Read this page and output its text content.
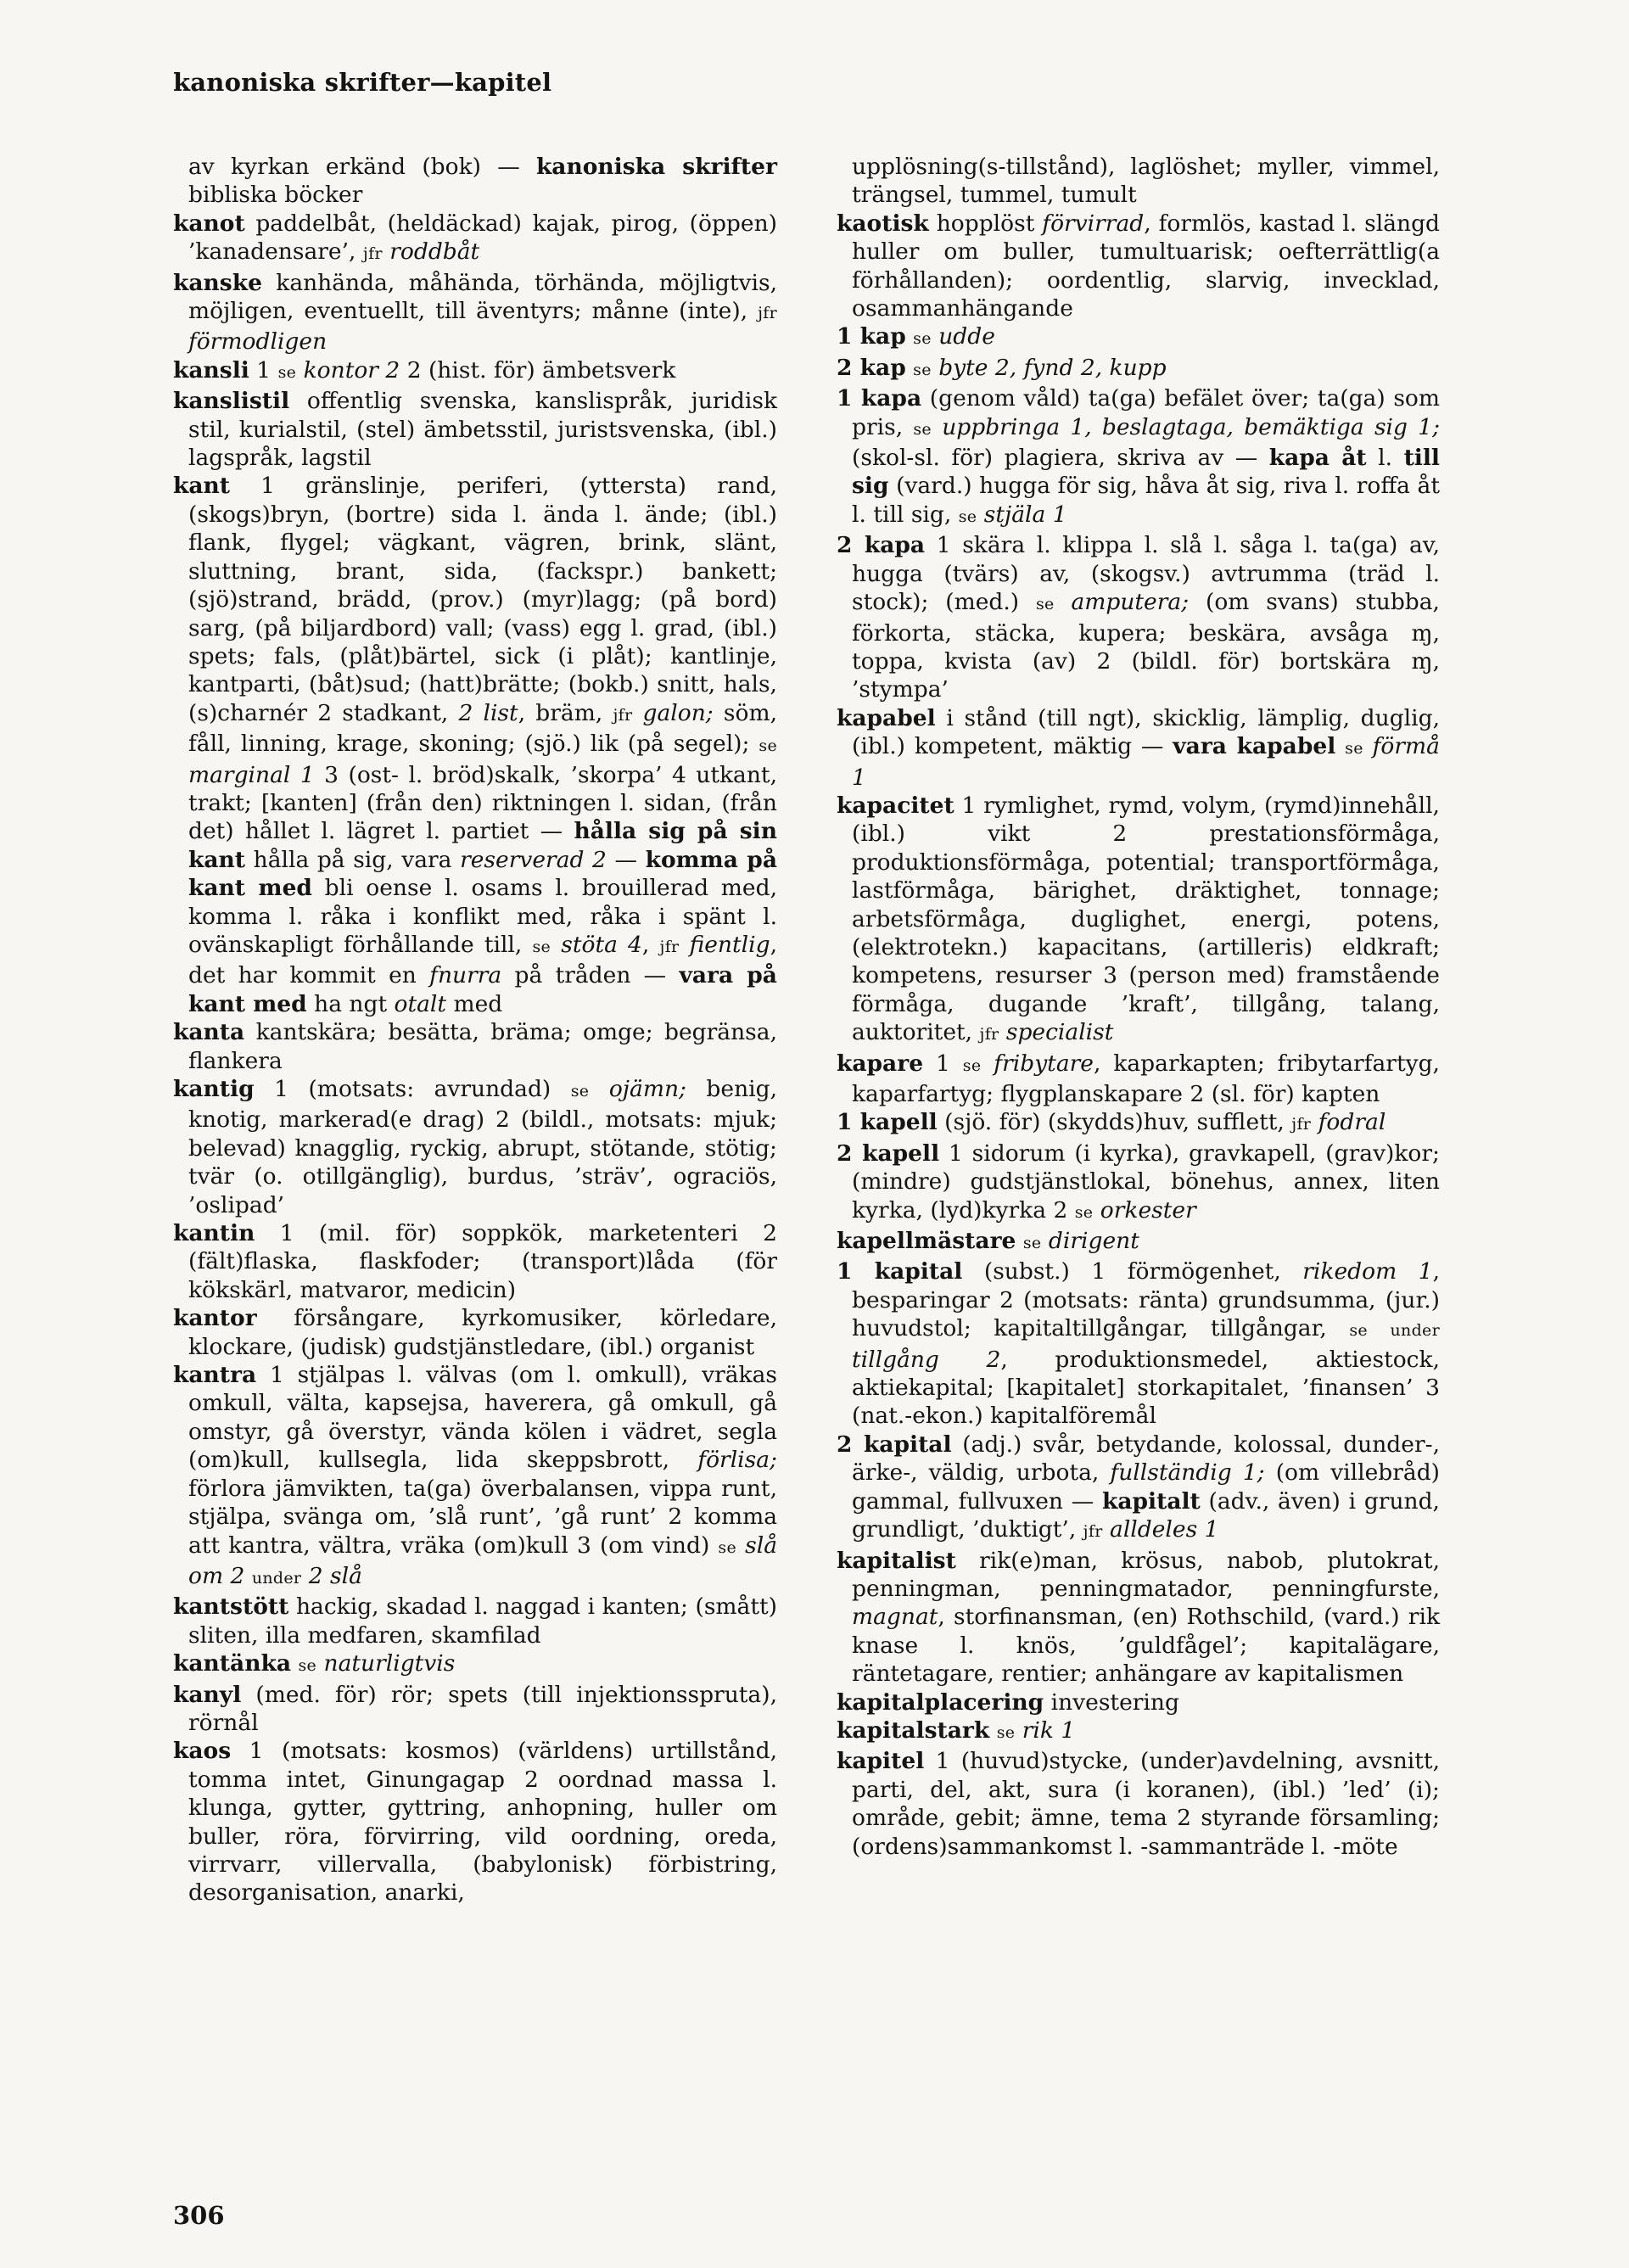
kanoniska skrifter—kapitel

av kyrkan erkänd (bok) — kanoniska skrifter bibliska böcker

kanot paddelbåt, (heldäckad) kajak, pirog, (öppen) ’kanadensare’, jfr roddbåt

kanske kanhända, måhända, törhända, möjligtvis, möjligen, eventuellt, till äventyrs; månne (inte), jfr förmodligen

kansli 1 se kontor 2 2 (hist. för) ämbetsverk

kanslistil offentlig svenska, kanslispråk, juridisk stil, kurialstil, (stel) ämbetsstil, juristsvenska, (ibl.) lagspråk, lagstil

kant 1 gränslinje, periferi, (yttersta) rand, (skogs)bryn, (bortre) sida l. ända l. ände; (ibl.) flank, flygel; vägkant, vägren, brink, slänt, sluttning, brant, sida, (fackspr.) bankett; (sjö)strand, brädd, (prov.) (myr)lagg; (på bord) sarg, (på biljardbord) vall; (vass) egg l. grad, (ibl.) spets; fals, (plåt)bärtel, sick (i plåt); kantlinje, kantparti, (båt)sud; (hatt)brätte; (bokb.) snitt, hals, (s)charnér 2 stadkant, 2 list, bräm, jfr galon; söm, fåll, linning, krage, skoning; (sjö.) lik (på segel); se marginal 1 3 (ost- l. bröd)skalk, ’skorpa’ 4 utkant, trakt; [kanten] (från den) riktningen l. sidan, (från det) hållet l. lägret l. partiet — hålla sig på sin kant hålla på sig, vara reserverad 2 — komma på kant med bli oense l. osams l. brouillerad med, komma l. råka i konflikt med, råka i spänt l. ovänskapligt förhållande till, se stöta 4, jfr fientlig, det har kommit en fnurra på tråden — vara på kant med ha ngt otalt med

kanta kantskära; besätta, bräma; omge; begränsa, flankera

kantig 1 (motsats: avrundad) se ojämn; benig, knotig, markerad(e drag) 2 (bildl., motsats: mjuk; belevad) knagglig, ryckig, abrupt, stötande, stötig; tvär (o. otillgänglig), burdus, ’sträv’, ograciös, ’oslipad’

kantin 1 (mil. för) soppkök, marketenteri 2 (fält)flaska, flaskfoder; (transport)låda (för kökskärl, matvaror, medicin)

kantor försångare, kyrkomusiker, körledare, klockare, (judisk) gudstjänstledare, (ibl.) organist

kantra 1 stjälpas l. välvas (om l. omkull), vräkas omkull, välta, kapsejsa, haverera, gå omkull, gå omstyr, gå överstyr, vända kölen i vädret, segla (om)kull, kullsegla, lida skeppsbrott, förlisa; förlora jämvikten, ta(ga) överbalansen, vippa runt, stjälpa, svänga om, ’slå runt’, ’gå runt’ 2 komma att kantra, vältra, vräka (om)kull 3 (om vind) se slå om 2 under 2 slå

kantstött hackig, skadad l. naggad i kanten; (smått) sliten, illa medfaren, skamfilad

kantänka se naturligtvis

kanyl (med. för) rör; spets (till injektionsspruta), rörnål

kaos 1 (motsats: kosmos) (världens) urtillstånd, tomma intet, Ginungagap 2 oordnad massa l. klunga, gytter, gyttring, anhopning, huller om buller, röra, förvirring, vild oordning, oreda, virrvarr, villervalla, (babylonisk) förbistring, desorganisation, anarki,

upplösning(s-tillstånd), laglöshet; myller, vimmel, trängsel, tummel, tumult

kaotisk hopplöst förvirrad, formlös, kastad l. slängd huller om buller, tumultuarisk; oefterrättlig(a förhållanden); oordentlig, slarvig, invecklad, osammanhängande

1 kap se udde

2 kap se byte 2, fynd 2, kupp

1 kapa (genom våld) ta(ga) befälet över; ta(ga) som pris, se uppbringa 1, beslagtaga, bemäktiga sig 1; (skol-sl. för) plagiera, skriva av — kapa åt l. till sig (vard.) hugga för sig, håva åt sig, riva l. roffa åt l. till sig, se stjäla 1

2 kapa 1 skära l. klippa l. slå l. såga l. ta(ga) av, hugga (tvärs) av, (skogsv.) avtrumma (träd l. stock); (med.) se amputera; (om svans) stubba, förkorta, stäcka, kupera; beskära, avsåga ɱ, toppa, kvista (av) 2 (bildl. för) bortskära ɱ, ’stympa’

kapabel i stånd (till ngt), skicklig, lämplig, duglig, (ibl.) kompetent, mäktig — vara kapabel se förmå 1

kapacitet 1 rymlighet, rymd, volym, (rymd)innehåll, (ibl.) vikt 2 prestationsförmåga, produktionsförmåga, potential; transportförmåga, lastförmåga, bärighet, dräktighet, tonnage; arbetsförmåga, duglighet, energi, potens, (elektrotekn.) kapacitans, (artilleris) eldkraft; kompetens, resurser 3 (person med) framstående förmåga, dugande ’kraft’, tillgång, talang, auktoritet, jfr specialist

kapare 1 se fribytare, kaparkapten; fribytarfartyg, kaparfartyg; flygplanskapare 2 (sl. för) kapten

1 kapell (sjö. för) (skydds)huv, sufflett, jfr fodral

2 kapell 1 sidorum (i kyrka), gravkapell, (grav)kor; (mindre) gudstjänstlokal, bönehus, annex, liten kyrka, (lyd)kyrka 2 se orkester

kapellmästare se dirigent

1 kapital (subst.) 1 förmögenhet, rikedom 1, besparingar 2 (motsats: ränta) grundsumma, (jur.) huvudstol; kapitaltillgångar, tillgångar, se under tillgång 2, produktionsmedel, aktiestock, aktiekapital; [kapitalet] storkapitalet, ’finansen’ 3 (nat.-ekon.) kapitalföremål

2 kapital (adj.) svår, betydande, kolossal, dunder-, ärke-, väldig, urbota, fullständig 1; (om villebråd) gammal, fullvuxen — kapitalt (adv., även) i grund, grundligt, ’duktigt’, jfr alldeles 1

kapitalist rik(e)man, krösus, nabob, plutokrat, penningman, penningmatador, penningfurste, magnat, storfinansman, (en) Rothschild, (vard.) rik knase l. knös, ’guldfågel’; kapitalägare, räntetagare, rentier; anhängare av kapitalismen

kapitalplacering investering

kapitalstark se rik 1

kapitel 1 (huvud)stycke, (under)avdelning, avsnitt, parti, del, akt, sura (i koranen), (ibl.) ’led’ (i); område, gebit; ämne, tema 2 styrande församling; (ordens)sammankomst l. -sammanträde l. -möte

306
